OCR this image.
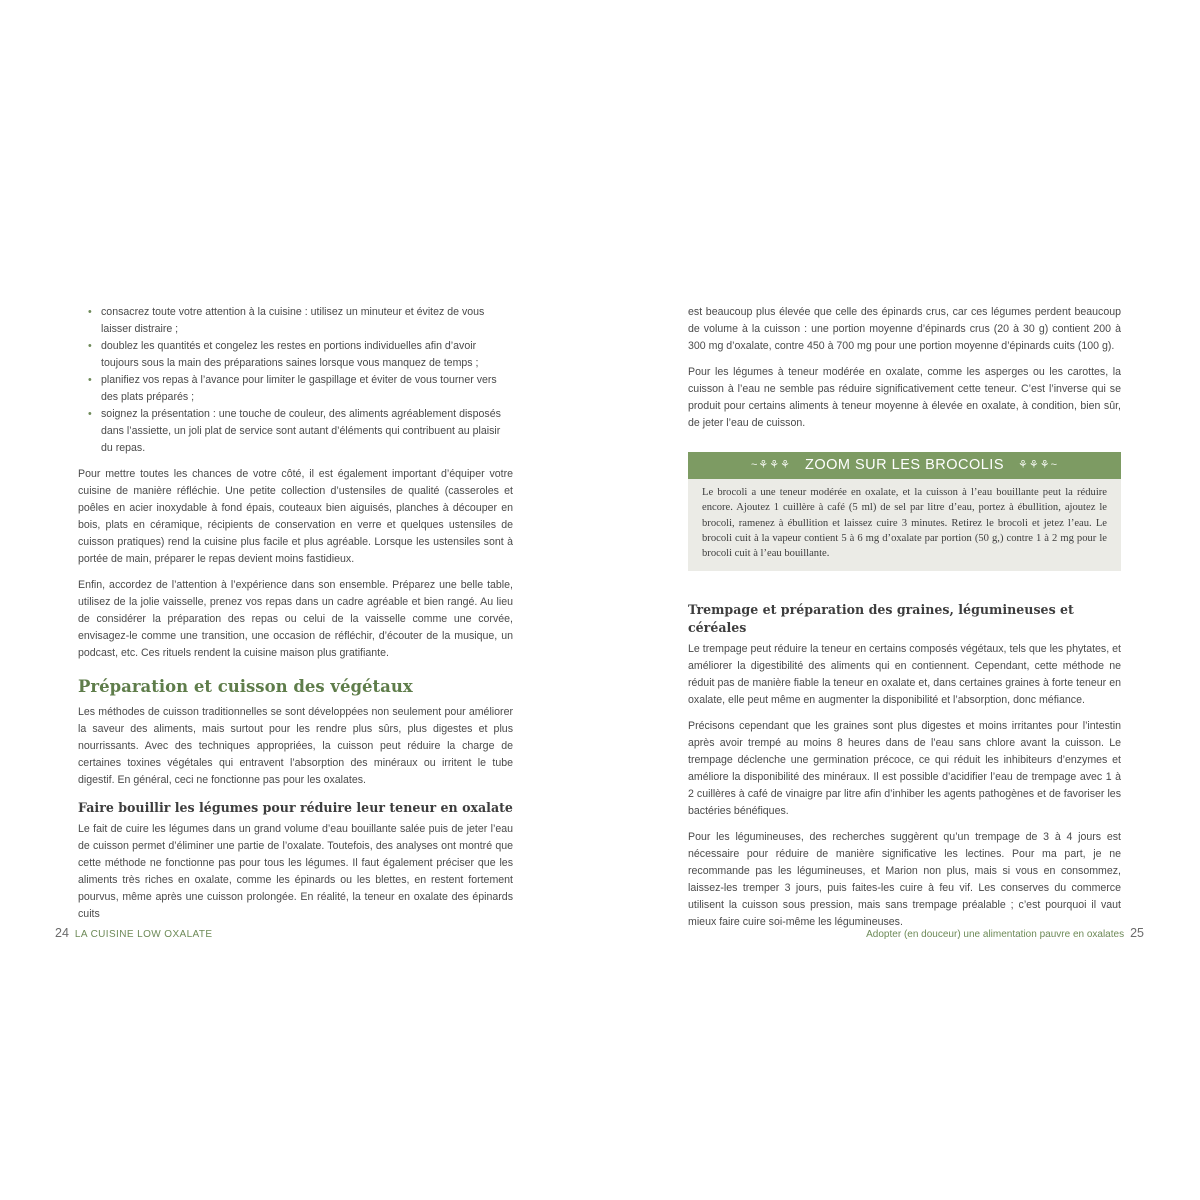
• consacrez toute votre attention à la cuisine : utilisez un minuteur et évitez de vous laisser distraire ;
• doublez les quantités et congelez les restes en portions individuelles afin d’avoir toujours sous la main des préparations saines lorsque vous manquez de temps ;
• planifiez vos repas à l’avance pour limiter le gaspillage et éviter de vous tourner vers des plats préparés ;
• soignez la présentation : une touche de couleur, des aliments agréablement disposés dans l’assiette, un joli plat de service sont autant d’éléments qui contribuent au plaisir du repas.

Pour mettre toutes les chances de votre côté, il est également important d’équiper votre cuisine de manière réfléchie. Une petite collection d’ustensiles de qualité (casseroles et poêles en acier inoxydable à fond épais, couteaux bien aiguisés, planches à découper en bois, plats en céramique, récipients de conservation en verre et quelques ustensiles de cuisson pratiques) rend la cuisine plus facile et plus agréable. Lorsque les ustensiles sont à portée de main, préparer le repas devient moins fastidieux.

Enfin, accordez de l’attention à l’expérience dans son ensemble. Préparez une belle table, utilisez de la jolie vaisselle, prenez vos repas dans un cadre agréable et bien rangé. Au lieu de considérer la préparation des repas ou celui de la vaisselle comme une corvée, envisagez-le comme une transition, une occasion de réfléchir, d’écouter de la musique, un podcast, etc. Ces rituels rendent la cuisine maison plus gratifiante.

Préparation et cuisson des végétaux

Les méthodes de cuisson traditionnelles se sont développées non seulement pour améliorer la saveur des aliments, mais surtout pour les rendre plus sûrs, plus digestes et plus nourrissants. Avec des techniques appropriées, la cuisson peut réduire la charge de certaines toxines végétales qui entravent l’absorption des minéraux ou irritent le tube digestif. En général, ceci ne fonctionne pas pour les oxalates.

Faire bouillir les légumes pour réduire leur teneur en oxalate

Le fait de cuire les légumes dans un grand volume d’eau bouillante salée puis de jeter l’eau de cuisson permet d’éliminer une partie de l’oxalate. Toutefois, des analyses ont montré que cette méthode ne fonctionne pas pour tous les légumes. Il faut également préciser que les aliments très riches en oxalate, comme les épinards ou les blettes, en restent fortement pourvus, même après une cuisson prolongée. En réalité, la teneur en oxalate des épinards cuits

est beaucoup plus élevée que celle des épinards crus, car ces légumes perdent beaucoup de volume à la cuisson : une portion moyenne d’épinards crus (20 à 30 g) contient 200 à 300 mg d’oxalate, contre 450 à 700 mg pour une portion moyenne d’épinards cuits (100 g).

Pour les légumes à teneur modérée en oxalate, comme les asperges ou les carottes, la cuisson à l’eau ne semble pas réduire significativement cette teneur. C’est l’inverse qui se produit pour certains aliments à teneur moyenne à élevée en oxalate, à condition, bien sûr, de jeter l’eau de cuisson.

~⚘⚘⚘ ZOOM SUR LES BROCOLIS ⚘⚘⚘~
Le brocoli a une teneur modérée en oxalate, et la cuisson à l’eau bouillante peut la réduire encore. Ajoutez 1 cuillère à café (5 ml) de sel par litre d’eau, portez à ébullition, ajoutez le brocoli, ramenez à ébullition et laissez cuire 3 minutes. Retirez le brocoli et jetez l’eau. Le brocoli cuit à la vapeur contient 5 à 6 mg d’oxalate par portion (50 g,) contre 1 à 2 mg pour le brocoli cuit à l’eau bouillante.
Trempage et préparation des graines, légumineuses et céréales

Le trempage peut réduire la teneur en certains composés végétaux, tels que les phytates, et améliorer la digestibilité des aliments qui en contiennent. Cependant, cette méthode ne réduit pas de manière fiable la teneur en oxalate et, dans certaines graines à forte teneur en oxalate, elle peut même en augmenter la disponibilité et l’absorption, donc méfiance.

Précisons cependant que les graines sont plus digestes et moins irritantes pour l’intestin après avoir trempé au moins 8 heures dans de l’eau sans chlore avant la cuisson. Le trempage déclenche une germination précoce, ce qui réduit les inhibiteurs d’enzymes et améliore la disponibilité des minéraux. Il est possible d’acidifier l’eau de trempage avec 1 à 2 cuillères à café de vinaigre par litre afin d’inhiber les agents pathogènes et de favoriser les bactéries bénéfiques.

Pour les légumineuses, des recherches suggèrent qu’un trempage de 3 à 4 jours est nécessaire pour réduire de manière significative les lectines. Pour ma part, je ne recommande pas les légumineuses, et Marion non plus, mais si vous en consommez, laissez-les tremper 3 jours, puis faites-les cuire à feu vif. Les conserves du commerce utilisent la cuisson sous pression, mais sans trempage préalable ; c’est pourquoi il vaut mieux faire cuire soi-même les légumineuses.

24 LA CUISINE LOW OXALATE	Adopter (en douceur) une alimentation pauvre en oxalates 25
